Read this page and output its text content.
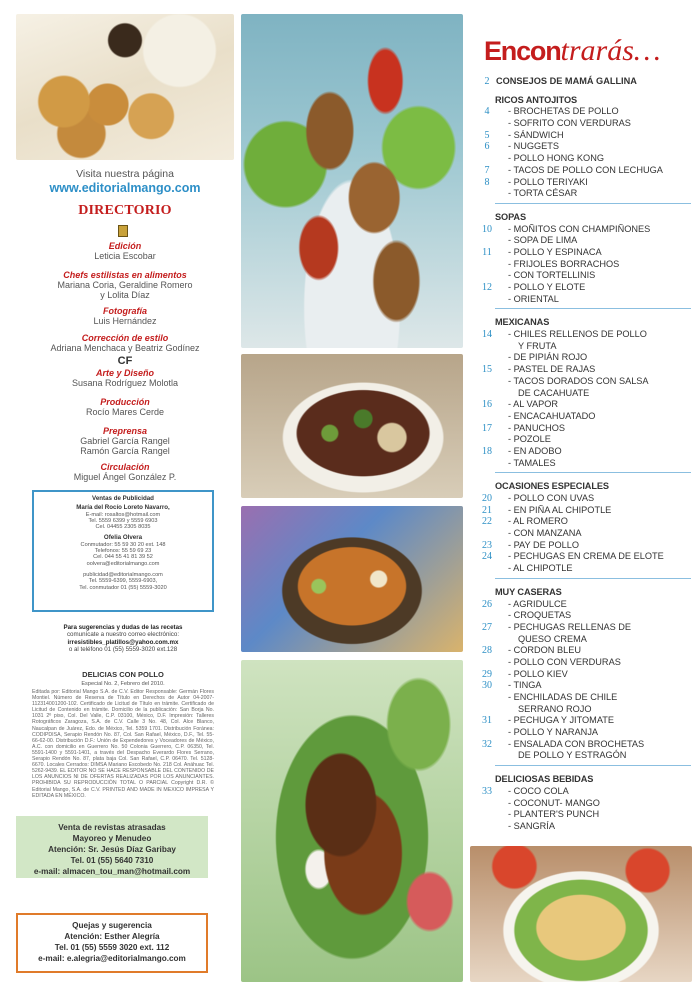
Visita nuestra página
www.editorialmango.com
DIRECTORIO
Edición
Leticia Escobar
Chefs estilistas en alimentos
Mariana Coria, Geraldine Romero
y Lolita Díaz
Fotografía
Luis Hernández
Corrección de estilo
Adriana Menchaca y Beatriz Godínez
Arte y Diseño
Susana Rodríguez Molotla
Producción
Rocío Mares Cerde
Preprensa
Gabriel García Rangel
Ramón García Rangel
Circulación
Miguel Ángel González P.
CF
Ventas de Publicidad
María del Rocío Loreto Navarro,
E-mail: rosaltos@hotmail.com
Tel. 5559 6399 y 5559 6903
Cel. 04455 2305 8035
Ofelia Olvera
Conmutador: 55 59 30 20 ext. 148
Telefonos: 55 59 69 23
Cel. 044 55 41 81 39 52
oolvera@editorialmango.com
publicidad@editorialmango.com
Tel. 5559-6399, 5559-6903,
Tel. conmutador 01 (55) 5559-3020
Para sugerencias y dudas de las recetas
comunícate a nuestro correo electrónico:
irresistibles_platillos@yahoo.com.mx
o al teléfono 01 (55) 5559-3020 ext.128
DELICIAS CON POLLO
Especial No. 2, Febrero del 2010.
Editada por: Editorial Mango S.A. de C.V. Editor Responsable: Germán Flores Montiel. Número de Reserva de Título en Derechos de Autor 04-2007-112314001200-102. Certificado de Licitud de Título en trámite. Certificado de Licitud de Contenido en trámite. Domicilio de la publicación: San Borja No. 1031 2º piso, Col. Del Valle, C.P. 03100, México, D.F. Impresión: Talleres Rotográficos Zaragoza, S.A. de C.V. Calle 3 No. 48, Col. Alce Blanco, Naucalpan de Juárez, Edo. de México, Tel. 5359 1701. Distribución Foránea: CODIPDISA, Serapio Rendón No. 87, Col. San Rafael, México, D.F., Tel. 55-66-62-00. Distribución D.F.: Unión de Expendedores y Voceadores de México, A.C. con domicilio en Guerrero No. 50 Colonia Guerrero, C.P. 06350, Tel. 5591-1400 y 5591-1401, a través del Despacho Everardo Flores Serrano, Serapio Rendón No. 87, plata baja Col. San Rafael, C.P. 06470. Tel. 5128-6670. Locales Cerrados: DIMSA Mariano Escobedo No. 218 Col. Anáhuac Tel. 5262-9439. EL EDITOR NO SE HACE RESPONSABLE DEL CONTENIDO DE LOS ANUNCIOS NI DE OFERTAS REALIZADAS POR LOS ANUNCIANTES. PROHIBIDA SU REPRODUCCIÓN TOTAL O PARCIAL Copyright D.R. © Editorial Mango, S.A. de C.V. PRINTED AND MADE IN MEXICO IMPRESA Y EDITADA EN MÉXICO.
Venta de revistas atrasadas
Mayoreo y Menudeo
Atención: Sr. Jesús Díaz Garibay
Tel. 01 (55) 5640 7310
e-mail: almacen_tou_man@hotmail.com
Quejas y sugerencia
Atención: Esther Alegría
Tel. 01 (55) 5559 3020 ext. 112
e-mail: e.alegria@editorialmango.com
Encontrarás…
2 CONSEJOS DE MAMÁ GALLINA
RICOS ANTOJITOS
4	- BROCHETAS DE POLLO
- SOFRITO CON VERDURAS
5	- SÁNDWICH
6	- NUGGETS
- POLLO HONG KONG
7	- TACOS DE POLLO CON LECHUGA
8	- POLLO TERIYAKI
- TORTA CÉSAR
SOPAS
10 - MOÑITOS CON CHAMPIÑONES
- SOPA DE LIMA
11 - POLLO Y ESPINACA
- FRIJOLES BORRACHOS
- CON TORTELLINIS
12 - POLLO Y ELOTE
- ORIENTAL
MEXICANAS
14 - CHILES RELLENOS DE POLLO
Y FRUTA
- DE PIPIÁN ROJO
15 - PASTEL DE RAJAS
- TACOS DORADOS CON SALSA
DE CACAHUATE
16 - AL VAPOR
- ENCACAHUATADO
17 - PANUCHOS
- POZOLE
18 - EN ADOBO
- TAMALES
OCASIONES ESPECIALES
20 - POLLO CON UVAS
21 - EN PIÑA AL CHIPOTLE
22 - AL ROMERO
- CON MANZANA
23 - PAY DE POLLO
24 - PECHUGAS EN CREMA DE ELOTE
- AL CHIPOTLE
MUY CASERAS
26 - AGRIDULCE
- CROQUETAS
27 - PECHUGAS RELLENAS DE
QUESO CREMA
28 - CORDON BLEU
- POLLO CON VERDURAS
29 - POLLO KIEV
30 - TINGA
- ENCHILADAS DE CHILE
SERRANO ROJO
31 - PECHUGA Y JITOMATE
- POLLO Y NARANJA
32 - ENSALADA CON BROCHETAS
DE POLLO Y ESTRAGÓN
DELICIOSAS BEBIDAS
33 - COCO COLA
- COCONUT- MANGO
- PLANTER'S PUNCH
- SANGRÍA
